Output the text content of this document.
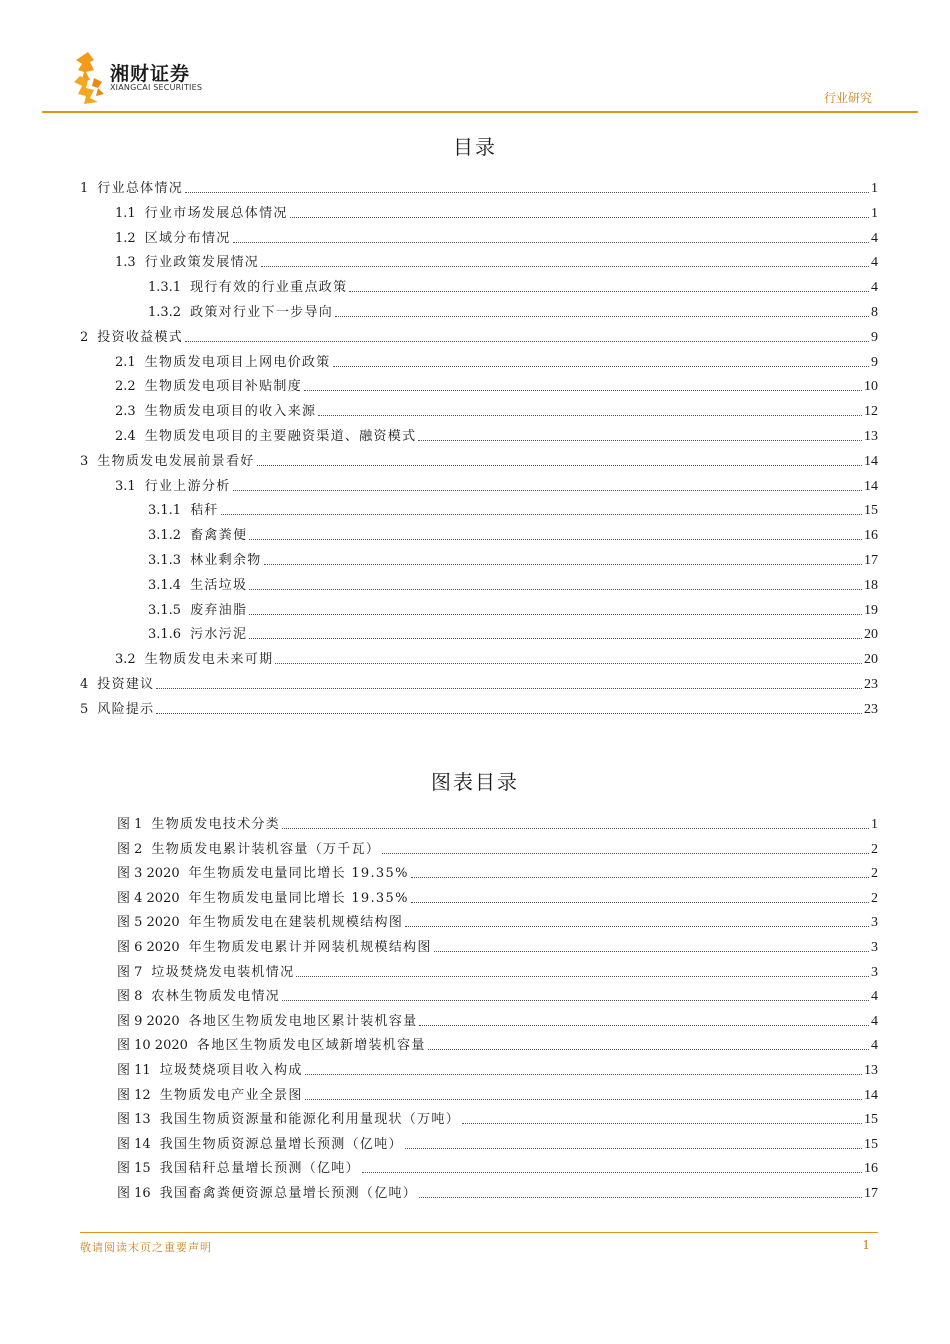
湘财证券
XIANGCAI SECURITIES
行业研究
目录
1 行业总体情况	1
1.1 行业市场发展总体情况	1
1.2 区域分布情况	4
1.3 行业政策发展情况	4
1.3.1 现行有效的行业重点政策	4
1.3.2 政策对行业下一步导向	8
2 投资收益模式	9
2.1 生物质发电项目上网电价政策	9
2.2 生物质发电项目补贴制度	10
2.3 生物质发电项目的收入来源	12
2.4 生物质发电项目的主要融资渠道、融资模式	13
3 生物质发电发展前景看好	14
3.1 行业上游分析	14
3.1.1 秸秆	15
3.1.2 畜禽粪便	16
3.1.3 林业剩余物	17
3.1.4 生活垃圾	18
3.1.5 废弃油脂	19
3.1.6 污水污泥	20
3.2 生物质发电未来可期	20
4 投资建议	23
5 风险提示	23
图表目录
图 1 生物质发电技术分类	1
图 2 生物质发电累计装机容量（万千瓦）	2
图 3 2020 年生物质发电量同比增长 19.35%	2
图 4 2020 年生物质发电量同比增长 19.35%	2
图 5 2020 年生物质发电在建装机规模结构图	3
图 6 2020 年生物质发电累计并网装机规模结构图	3
图 7 垃圾焚烧发电装机情况	3
图 8 农林生物质发电情况	4
图 9 2020 各地区生物质发电地区累计装机容量	4
图 10 2020 各地区生物质发电区域新增装机容量	4
图 11 垃圾焚烧项目收入构成	13
图 12 生物质发电产业全景图	14
图 13 我国生物质资源量和能源化利用量现状（万吨）	15
图 14 我国生物质资源总量增长预测（亿吨）	15
图 15 我国秸秆总量增长预测（亿吨）	16
图 16 我国畜禽粪便资源总量增长预测（亿吨）	17
敬请阅读末页之重要声明	1
